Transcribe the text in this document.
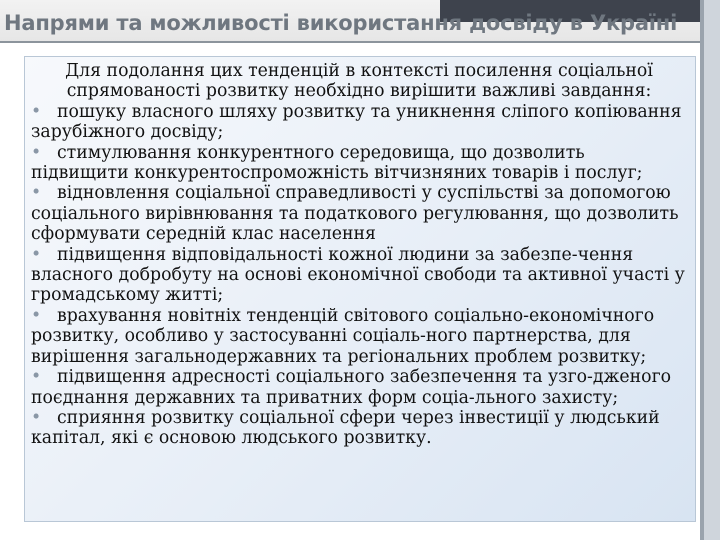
Напрями та можливості використання досвіду в Україні

Для подолання цих тенденцій в контексті посилення соціальної спрямованості розвитку необхідно вирішити важливі завдання:

• пошуку власного шляху розвитку та уникнення сліпого копіювання зарубіжного досвіду;

• стимулювання конкурентного середовища, що дозволить підвищити конкурентоспроможність вітчизняних товарів і послуг;

• відновлення соціальної справедливості у суспільстві за допомогою соціального вирівнювання та податкового регулювання, що дозволить сформувати середній клас населення

• підвищення відповідальності кожної людини за забезпе-чення власного добробуту на основі економічної свободи та активної участі у громадському житті;

• врахування новітніх тенденцій світового соціально-економічного розвитку, особливо у застосуванні соціаль-ного партнерства, для вирішення загальнодержавних та регіональних проблем розвитку;

• підвищення адресності соціального забезпечення та узго-дженого поєднання державних та приватних форм соціа-льного захисту;

• сприяння розвитку соціальної сфери через інвестиції у людський капітал, які є основою людського розвитку.
